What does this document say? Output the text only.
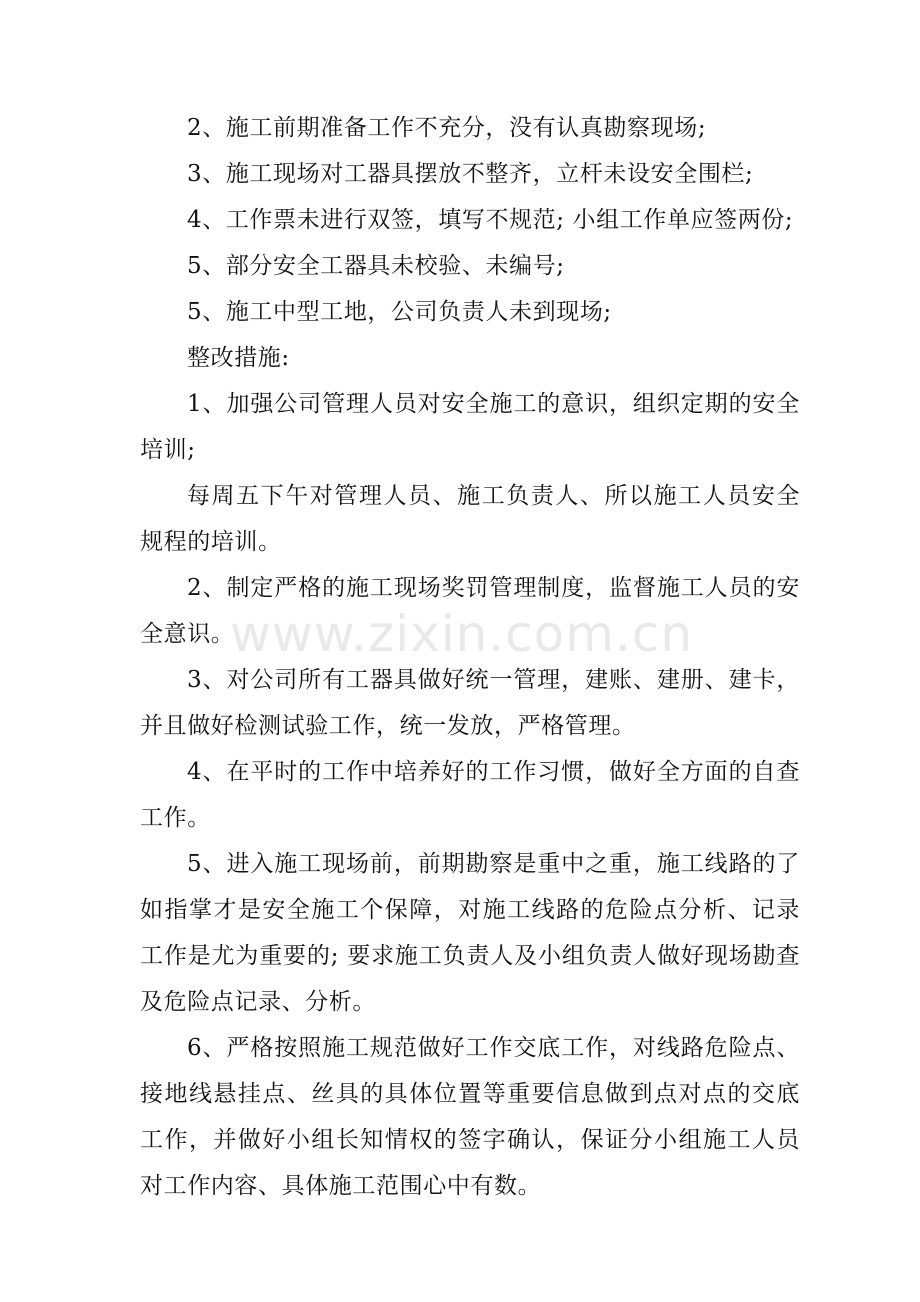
www.zixin.com.cn

2、施工前期准备工作不充分，没有认真勘察现场;

3、施工现场对工器具摆放不整齐，立杆未设安全围栏;

4、工作票未进行双签，填写不规范; 小组工作单应签两份;

5、部分安全工器具未校验、未编号;

5、施工中型工地，公司负责人未到现场;

整改措施:

1、加强公司管理人员对安全施工的意识，组织定期的安全培训;

每周五下午对管理人员、施工负责人、所以施工人员安全规程的培训。

2、制定严格的施工现场奖罚管理制度，监督施工人员的安全意识。

3、对公司所有工器具做好统一管理，建账、建册、建卡，并且做好检测试验工作，统一发放，严格管理。

4、在平时的工作中培养好的工作习惯，做好全方面的自查工作。

5、进入施工现场前，前期勘察是重中之重，施工线路的了如指掌才是安全施工个保障，对施工线路的危险点分析、记录工作是尤为重要的; 要求施工负责人及小组负责人做好现场勘查及危险点记录、分析。

6、严格按照施工规范做好工作交底工作，对线路危险点、接地线悬挂点、丝具的具体位置等重要信息做到点对点的交底工作，并做好小组长知情权的签字确认，保证分小组施工人员对工作内容、具体施工范围心中有数。
